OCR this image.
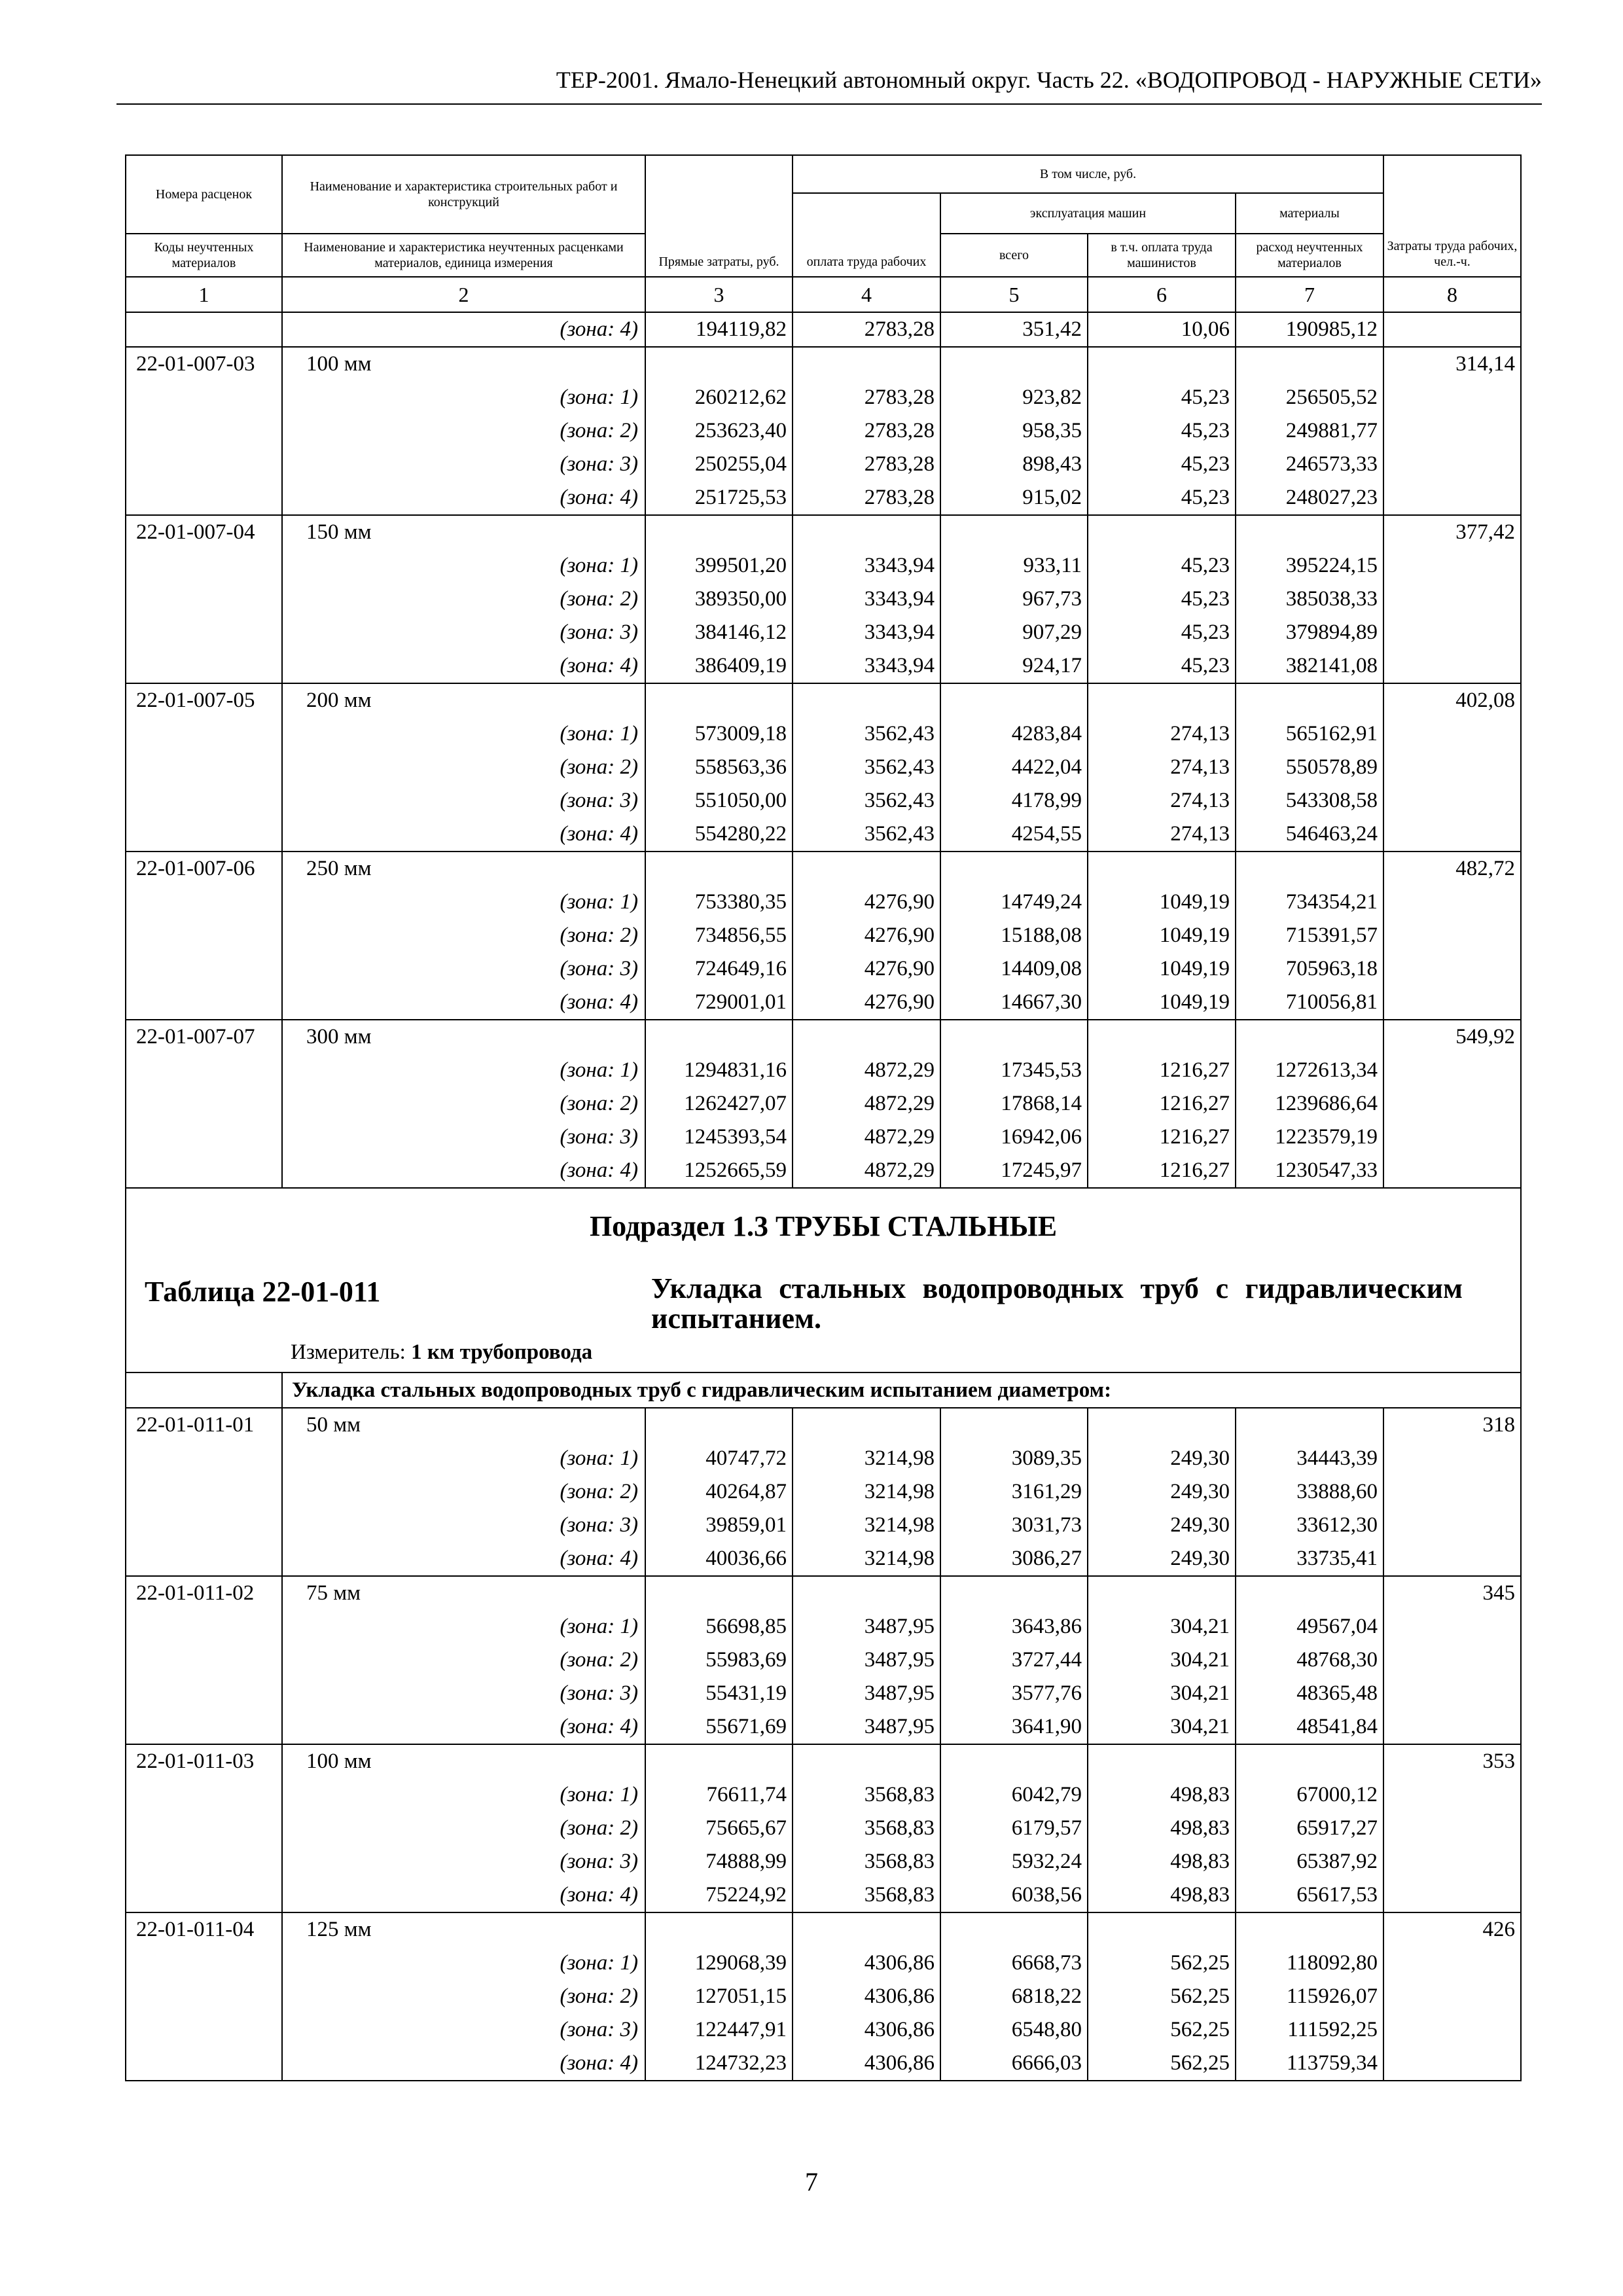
ТЕР-2001. Ямало-Ненецкий автономный округ. Часть 22. «ВОДОПРОВОД - НАРУЖНЫЕ СЕТИ»
Номера расценок	Наименование и характеристика строительных работ и конструкций	Прямые затраты, руб.	В том числе, руб.				Затраты труда рабочих, чел.-ч.
			оплата труда рабочих	эксплуатация машин		материалы	
Коды неучтенных материалов	Наименование и характеристика неучтенных расценками материалов, единица измерения			всего	в т.ч. оплата труда машинистов	расход неучтенных материалов	
1	2	3	4	5	6	7	8
	(зона: 4)	194119,82	2783,28	351,42	10,06	190985,12	
22-01-007-03	100 мм						314,14
	(зона: 1)	260212,62	2783,28	923,82	45,23	256505,52	
	(зона: 2)	253623,40	2783,28	958,35	45,23	249881,77	
	(зона: 3)	250255,04	2783,28	898,43	45,23	246573,33	
	(зона: 4)	251725,53	2783,28	915,02	45,23	248027,23	
22-01-007-04	150 мм						377,42
	(зона: 1)	399501,20	3343,94	933,11	45,23	395224,15	
	(зона: 2)	389350,00	3343,94	967,73	45,23	385038,33	
	(зона: 3)	384146,12	3343,94	907,29	45,23	379894,89	
	(зона: 4)	386409,19	3343,94	924,17	45,23	382141,08	
22-01-007-05	200 мм						402,08
	(зона: 1)	573009,18	3562,43	4283,84	274,13	565162,91	
	(зона: 2)	558563,36	3562,43	4422,04	274,13	550578,89	
	(зона: 3)	551050,00	3562,43	4178,99	274,13	543308,58	
	(зона: 4)	554280,22	3562,43	4254,55	274,13	546463,24	
22-01-007-06	250 мм						482,72
	(зона: 1)	753380,35	4276,90	14749,24	1049,19	734354,21	
	(зона: 2)	734856,55	4276,90	15188,08	1049,19	715391,57	
	(зона: 3)	724649,16	4276,90	14409,08	1049,19	705963,18	
	(зона: 4)	729001,01	4276,90	14667,30	1049,19	710056,81	
22-01-007-07	300 мм						549,92
	(зона: 1)	1294831,16	4872,29	17345,53	1216,27	1272613,34	
	(зона: 2)	1262427,07	4872,29	17868,14	1216,27	1239686,64	
	(зона: 3)	1245393,54	4872,29	16942,06	1216,27	1223579,19	
	(зона: 4)	1252665,59	4872,29	17245,97	1216,27	1230547,33	

Подраздел 1.3 ТРУБЫ СТАЛЬНЫЕ
Таблица 22-01-011 Укладка стальных водопроводных труб с гидравлическим испытанием.
Измеритель: 1 км трубопровода							

	Укладка стальных водопроводных труб с гидравлическим испытанием диаметром:						

22-01-011-01	50 мм						318
	(зона: 1)	40747,72	3214,98	3089,35	249,30	34443,39	
	(зона: 2)	40264,87	3214,98	3161,29	249,30	33888,60	
	(зона: 3)	39859,01	3214,98	3031,73	249,30	33612,30	
	(зона: 4)	40036,66	3214,98	3086,27	249,30	33735,41	
22-01-011-02	75 мм						345
	(зона: 1)	56698,85	3487,95	3643,86	304,21	49567,04	
	(зона: 2)	55983,69	3487,95	3727,44	304,21	48768,30	
	(зона: 3)	55431,19	3487,95	3577,76	304,21	48365,48	
	(зона: 4)	55671,69	3487,95	3641,90	304,21	48541,84	
22-01-011-03	100 мм						353
	(зона: 1)	76611,74	3568,83	6042,79	498,83	67000,12	
	(зона: 2)	75665,67	3568,83	6179,57	498,83	65917,27	
	(зона: 3)	74888,99	3568,83	5932,24	498,83	65387,92	
	(зона: 4)	75224,92	3568,83	6038,56	498,83	65617,53	
22-01-011-04	125 мм						426
	(зона: 1)	129068,39	4306,86	6668,73	562,25	118092,80	
	(зона: 2)	127051,15	4306,86	6818,22	562,25	115926,07	
	(зона: 3)	122447,91	4306,86	6548,80	562,25	111592,25	
	(зона: 4)	124732,23	4306,86	6666,03	562,25	113759,34	
7
